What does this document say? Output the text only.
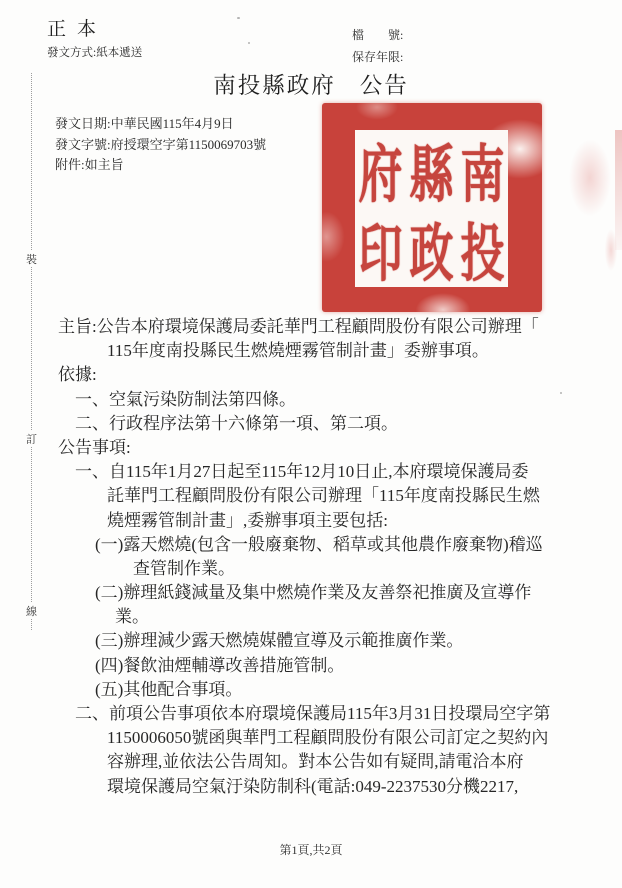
正本
發文方式:紙本遞送
檔　　號:
保存年限:
南投縣政府 公告
發文日期:中華民國115年4月9日
發文字號:府授環空字第1150069703號
附件:如主旨	府 縣 南
印 政 投
裝
訂
線
主旨:公告本府環境保護局委託華門工程顧問股份有限公司辦理「
115年度南投縣民生燃燒煙霧管制計畫」委辦事項。
依據:
一、空氣污染防制法第四條。
二、行政程序法第十六條第一項、第二項。
公告事項:
一、自115年1月27日起至115年12月10日止,本府環境保護局委
託華門工程顧問股份有限公司辦理「115年度南投縣民生燃
燒煙霧管制計畫」,委辦事項主要包括:
(一)露天燃燒(包含一般廢棄物、稻草或其他農作廢棄物)稽巡
查管制作業。
(二)辦理紙錢減量及集中燃燒作業及友善祭祀推廣及宣導作
業。
(三)辦理減少露天燃燒媒體宣導及示範推廣作業。
(四)餐飲油煙輔導改善措施管制。
(五)其他配合事項。
二、前項公告事項依本府環境保護局115年3月31日投環局空字第
1150006050號函與華門工程顧問股份有限公司訂定之契約內
容辦理,並依法公告周知。對本公告如有疑問,請電洽本府
環境保護局空氣汙染防制科(電話:049-2237530分機2217,
第1頁,共2頁
